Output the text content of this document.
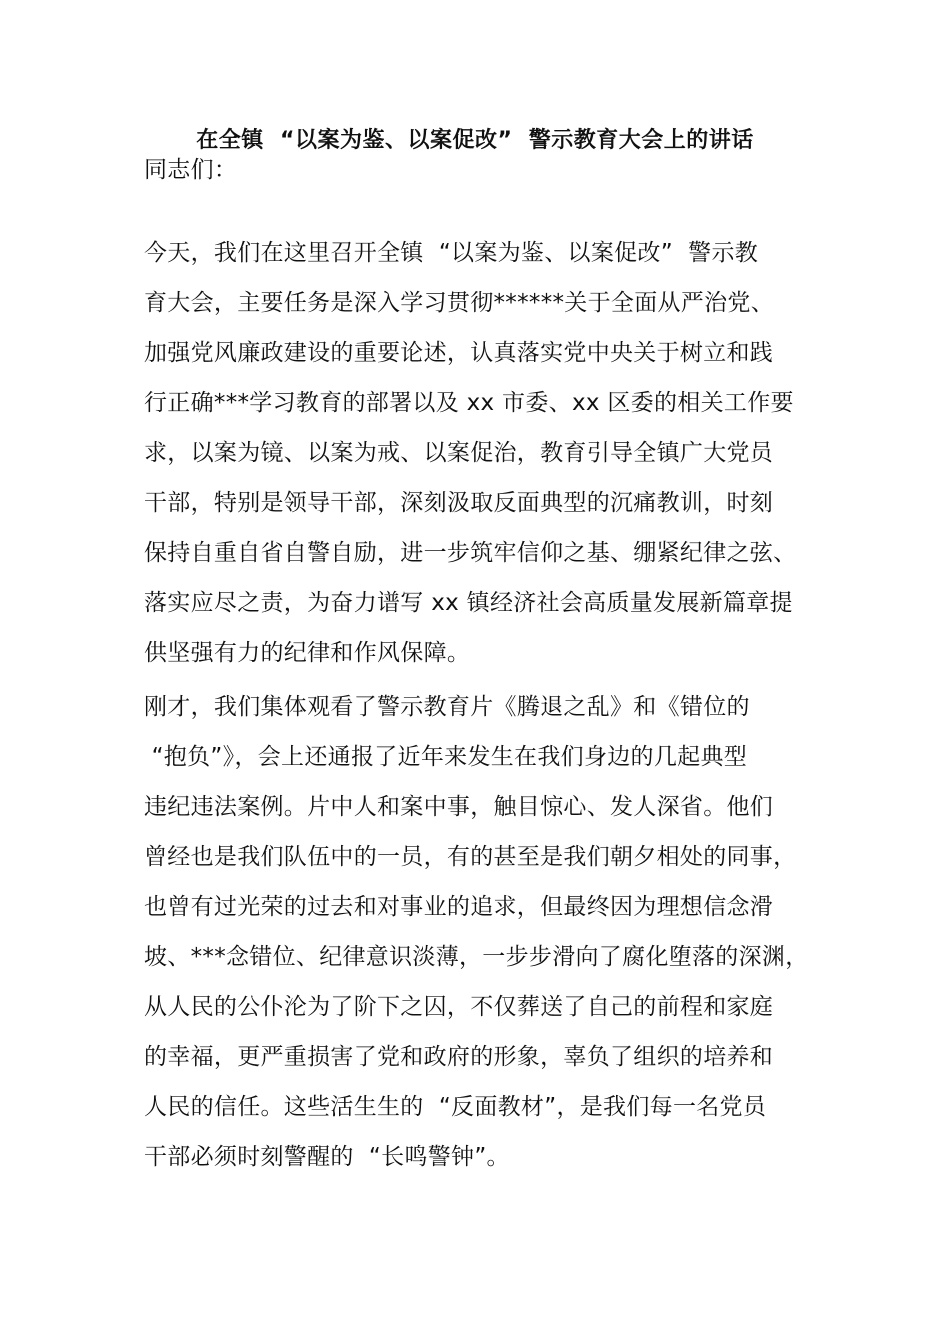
在全镇  “以案为鉴、以案促改”  警示教育大会上的讲话
同志们：
今天，我们在这里召开全镇  “以案为鉴、以案促改”  警示教
育大会，主要任务是深入学习贯彻******关于全面从严治党、
加强党风廉政建设的重要论述，认真落实党中央关于树立和践
行正确***学习教育的部署以及 xx 市委、xx 区委的相关工作要
求，以案为镜、以案为戒、以案促治，教育引导全镇广大党员
干部，特别是领导干部，深刻汲取反面典型的沉痛教训，时刻
保持自重自省自警自励，进一步筑牢信仰之基、绷紧纪律之弦、
落实应尽之责，为奋力谱写 xx 镇经济社会高质量发展新篇章提
供坚强有力的纪律和作风保障。
刚才，我们集体观看了警示教育片《腾退之乱》和《错位的
“抱负”》，会上还通报了近年来发生在我们身边的几起典型
违纪违法案例。片中人和案中事，触目惊心、发人深省。他们
曾经也是我们队伍中的一员，有的甚至是我们朝夕相处的同事，
也曾有过光荣的过去和对事业的追求，但最终因为理想信念滑
坡、***念错位、纪律意识淡薄，一步步滑向了腐化堕落的深渊，
从人民的公仆沦为了阶下之囚，不仅葬送了自己的前程和家庭
的幸福，更严重损害了党和政府的形象，辜负了组织的培养和
人民的信任。这些活生生的  “反面教材”，是我们每一名党员
干部必须时刻警醒的  “长鸣警钟”。
